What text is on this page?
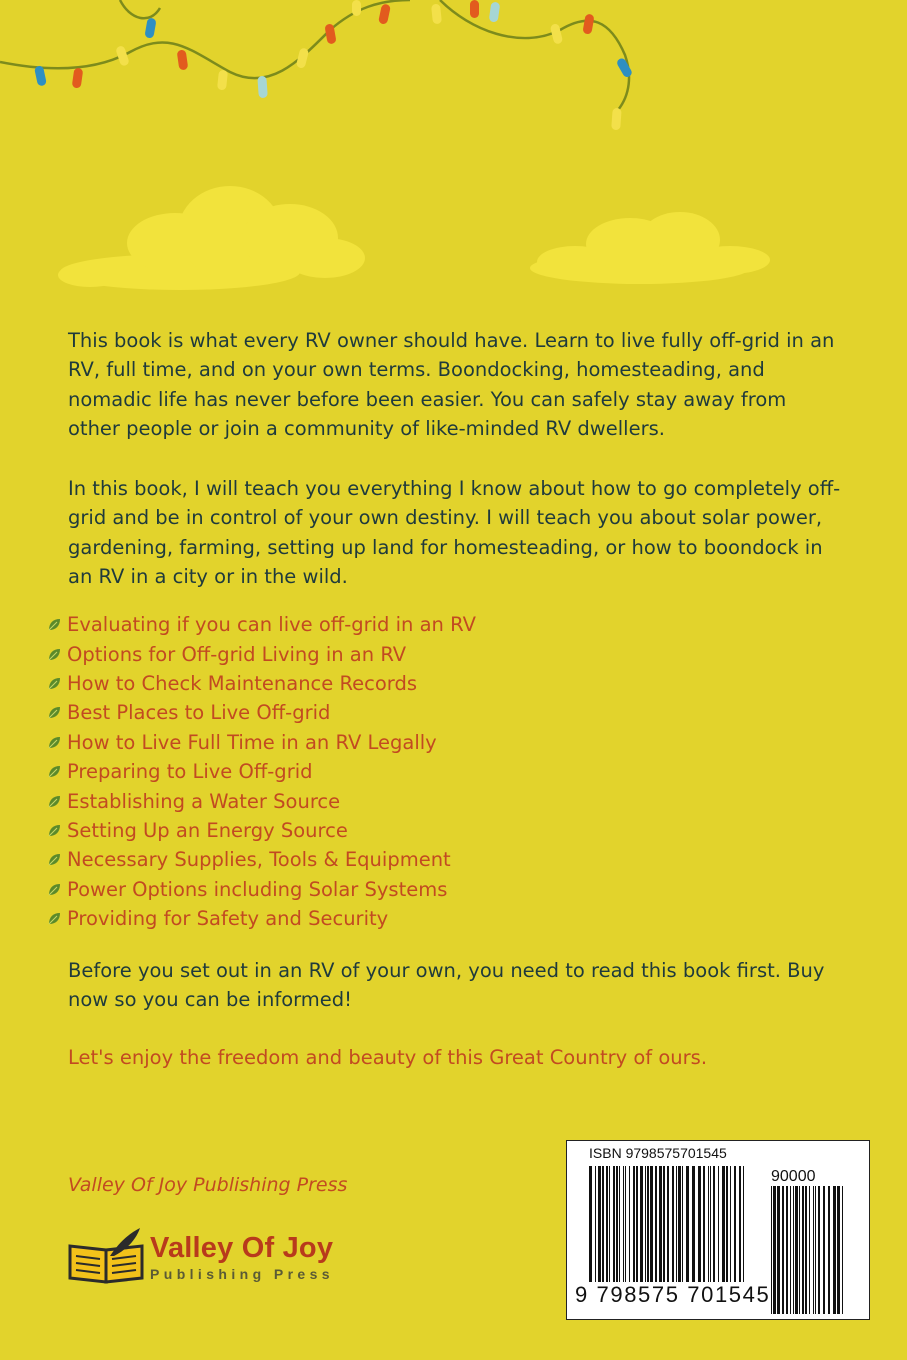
This book is what every RV owner should have. Learn to live fully off-grid in an RV, full time, and on your own terms. Boondocking, homesteading, and nomadic life has never before been easier. You can safely stay away from other people or join a community of like-minded RV dwellers.

In this book, I will teach you everything I know about how to go completely off-grid and be in control of your own destiny. I will teach you about solar power, gardening, farming, setting up land for homesteading, or how to boondock in an RV in a city or in the wild.

Evaluating if you can live off-grid in an RV
Options for Off-grid Living in an RV
How to Check Maintenance Records
Best Places to Live Off-grid
How to Live Full Time in an RV Legally
Preparing to Live Off-grid
Establishing a Water Source
Setting Up an Energy Source
Necessary Supplies, Tools & Equipment
Power Options including Solar Systems
Providing for Safety and Security

Before you set out in an RV of your own, you need to read this book first. Buy now so you can be informed!

Let's enjoy the freedom and beauty of this Great Country of ours.

Valley Of Joy Publishing Press
Valley Of Joy
Publishing Press
ISBN 9798575701545
90000
9 798575 701545
